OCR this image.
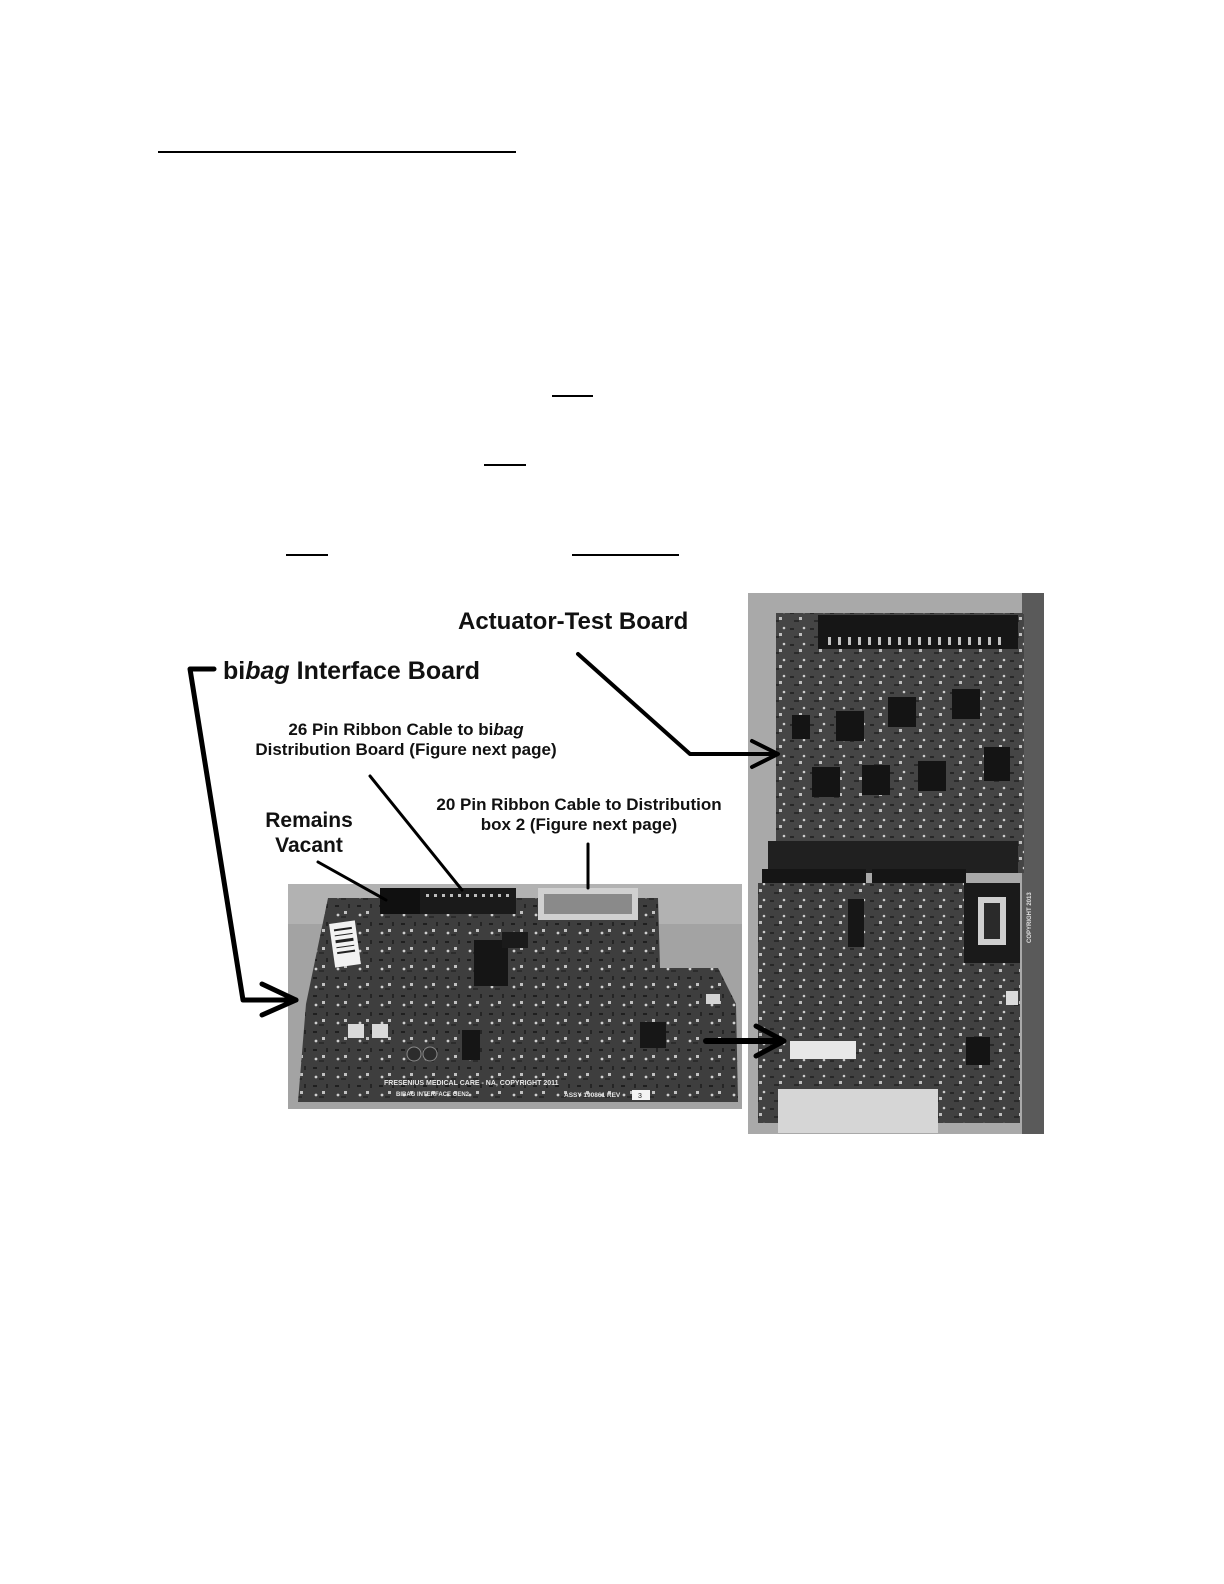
FRESENIUS MEDICAL CARE - NA, COPYRIGHT 2011
BIBAG INTERFACE GEN2	ASSY 190861 REV	3
COPYRIGHT 2013
Actuator-Test Board
bibag Interface Board
26 Pin Ribbon Cable to bibag
Distribution Board (Figure next page)
Remains
Vacant
20 Pin Ribbon Cable to Distribution
box 2 (Figure next page)
